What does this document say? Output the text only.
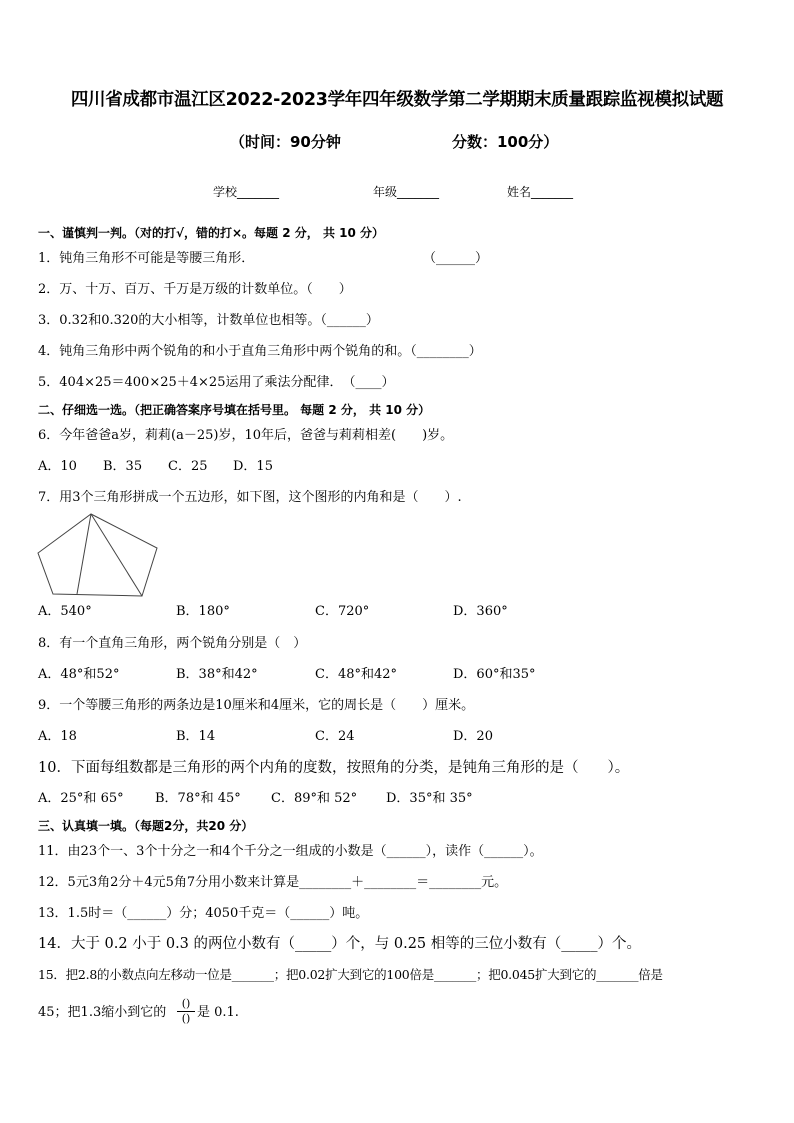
四川省成都市温江区2022-2023学年四年级数学第二学期期末质量跟踪监视模拟试题
（时间：90分钟	分数：100分）
学校_______	年级_______	姓名_______
一、谨慎判一判。（对的打√，错的打×。每题 2 分， 共 10 分）
1．钝角三角形不可能是等腰三角形．	（______）
2．万、十万、百万、千万是万级的计数单位。（　　）
3．0.32和0.320的大小相等，计数单位也相等。（______）
4．钝角三角形中两个锐角的和小于直角三角形中两个锐角的和。（________）
5．404×25＝400×25＋4×25运用了乘法分配律．　（____）
二、仔细选一选。（把正确答案序号填在括号里。 每题 2 分， 共 10 分）
6．今年爸爸a岁，莉莉(a－25)岁，10年后，爸爸与莉莉相差(　　)岁。
A．10 B．35 C．25 D．15
7．用3个三角形拼成一个五边形，如下图，这个图形的内角和是（　　）.
A．540°	B．180°	C．720°	D．360°
8．有一个直角三角形，两个锐角分别是（　）
A．48°和52°	B．38°和42°	C．48°和42°	D．60°和35°
9．一个等腰三角形的两条边是10厘米和4厘米，它的周长是（　　）厘米。
A．18	B．14	C．24	D．20
10．下面每组数都是三角形的两个内角的度数，按照角的分类，是钝角三角形的是（　　）。
A．25°和 65° B．78°和 45° C．89°和 52° D．35°和 35°
三、认真填一填。（每题2分，共20 分）
11．由23个一、3个十分之一和4个千分之一组成的小数是（______），读作（______）。
12．5元3角2分＋4元5角7分用小数来计算是________＋________＝________元。
13．1.5时＝（______）分；4050千克＝（______）吨。
14．大于 0.2 小于 0.3 的两位小数有（_____）个，与 0.25 相等的三位小数有（_____）个。
15．把2.8的小数点向左移动一位是_______；把0.02扩大到它的100倍是_______；把0.045扩大到它的_______倍是
45；把1.3缩小到它的
()
() 是 0.1.
